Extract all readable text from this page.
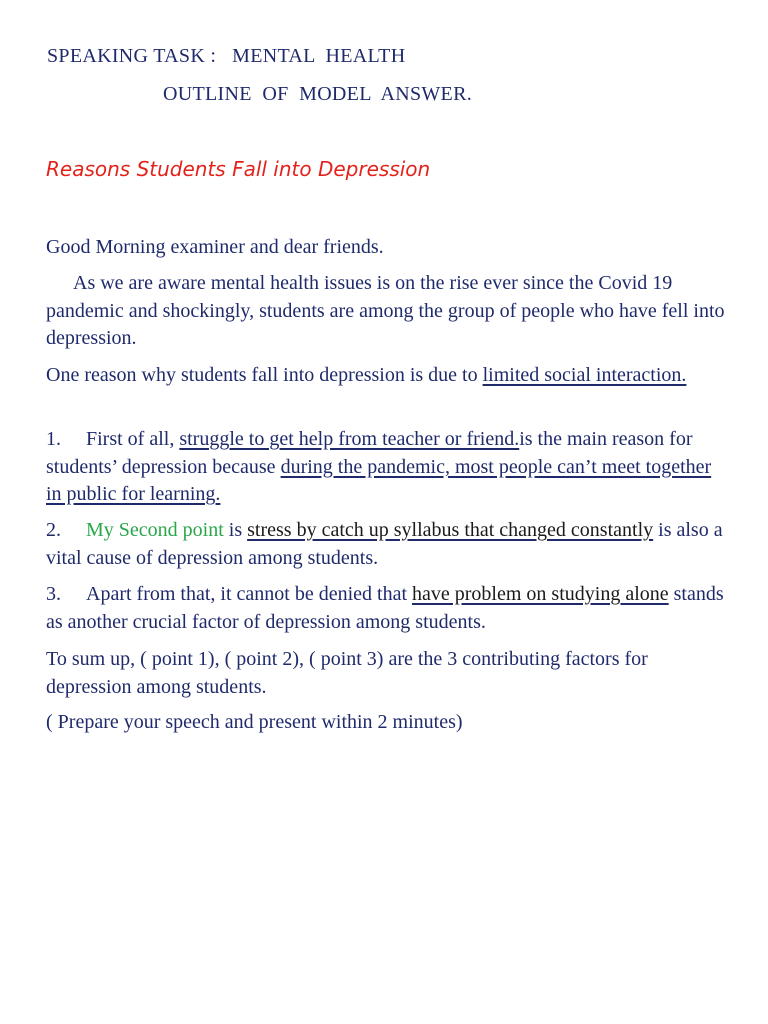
SPEAKING TASK :   MENTAL  HEALTH
OUTLINE  OF  MODEL  ANSWER.
Reasons Students Fall into Depression
Good Morning examiner and dear friends.
As we are aware mental health issues is on the rise ever since the Covid 19 pandemic and shockingly, students are among the group of people who have fell into depression.
One reason why students fall into depression is due to limited social interaction.
1. First of all, struggle to get help from teacher or friend.is the main reason for students’ depression because during the pandemic, most people can’t meet together in public for learning.
2. My Second point is stress by catch up syllabus that changed constantly is also a vital cause of depression among students.
3. Apart from that, it cannot be denied that have problem on studying alone stands as another crucial factor of depression among students.
To sum up, ( point 1), ( point 2), ( point 3) are the 3 contributing factors for depression among students.
( Prepare your speech and present within 2 minutes)
